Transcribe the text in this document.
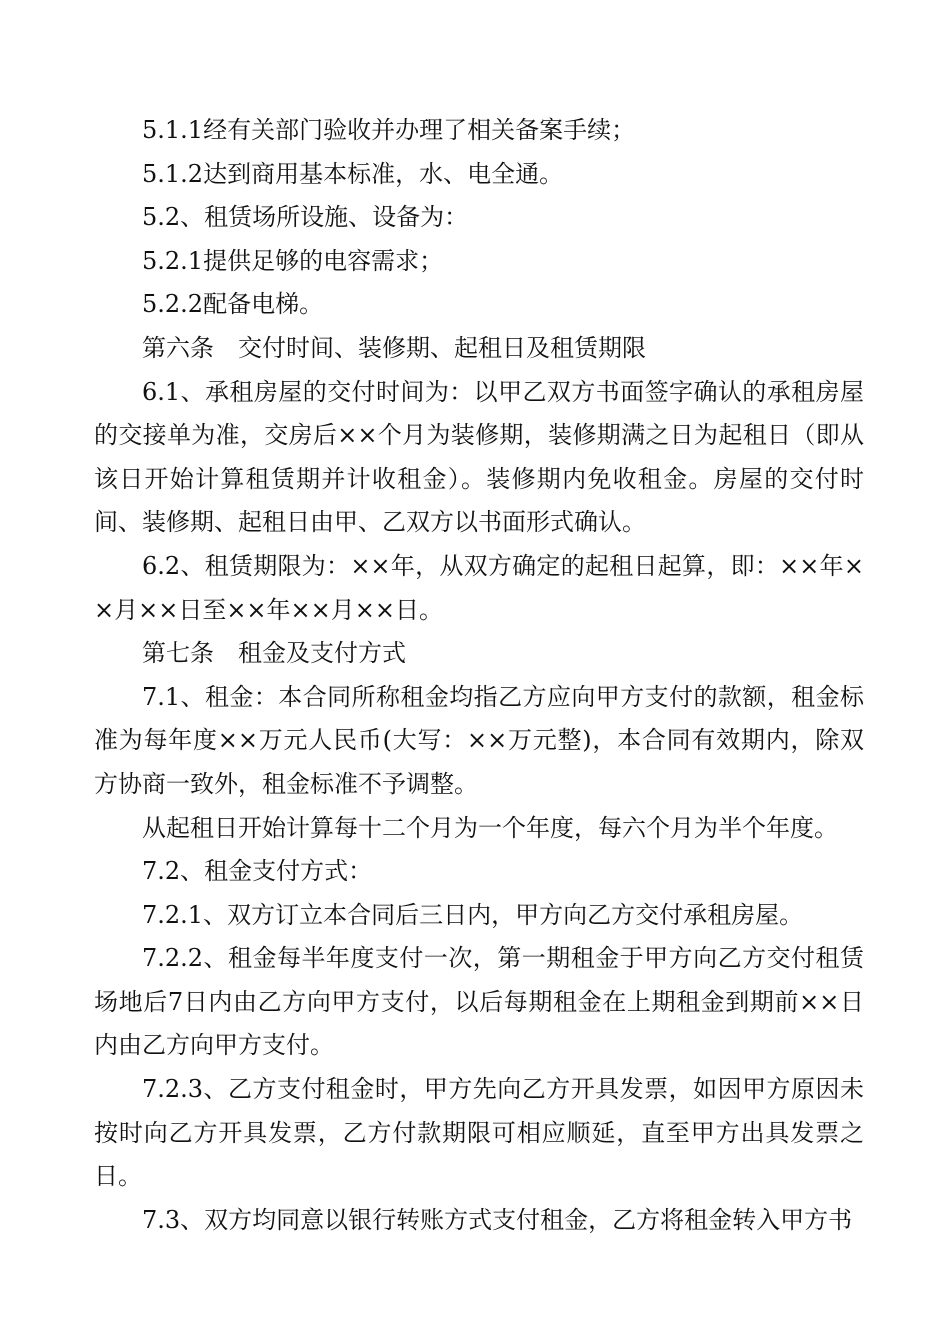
5.1.1经有关部门验收并办理了相关备案手续；

5.1.2达到商用基本标准，水、电全通。

5.2、租赁场所设施、设备为：

5.2.1提供足够的电容需求；

5.2.2配备电梯。

第六条　交付时间、装修期、起租日及租赁期限

6.1、承租房屋的交付时间为：以甲乙双方书面签字确认的承租房屋的交接单为准，交房后××个月为装修期，装修期满之日为起租日（即从该日开始计算租赁期并计收租金）。装修期内免收租金。房屋的交付时间、装修期、起租日由甲、乙双方以书面形式确认。

6.2、租赁期限为：××年，从双方确定的起租日起算，即：××年××月××日至××年××月××日。

第七条　租金及支付方式

7.1、租金：本合同所称租金均指乙方应向甲方支付的款额，租金标准为每年度××万元人民币(大写：××万元整)，本合同有效期内，除双方协商一致外，租金标准不予调整。

从起租日开始计算每十二个月为一个年度，每六个月为半个年度。

7.2、租金支付方式：

7.2.1、双方订立本合同后三日内，甲方向乙方交付承租房屋。

7.2.2、租金每半年度支付一次，第一期租金于甲方向乙方交付租赁场地后7日内由乙方向甲方支付，以后每期租金在上期租金到期前××日内由乙方向甲方支付。

7.2.3、乙方支付租金时，甲方先向乙方开具发票，如因甲方原因未按时向乙方开具发票，乙方付款期限可相应顺延，直至甲方出具发票之日。

7.3、双方均同意以银行转账方式支付租金，乙方将租金转入甲方书
